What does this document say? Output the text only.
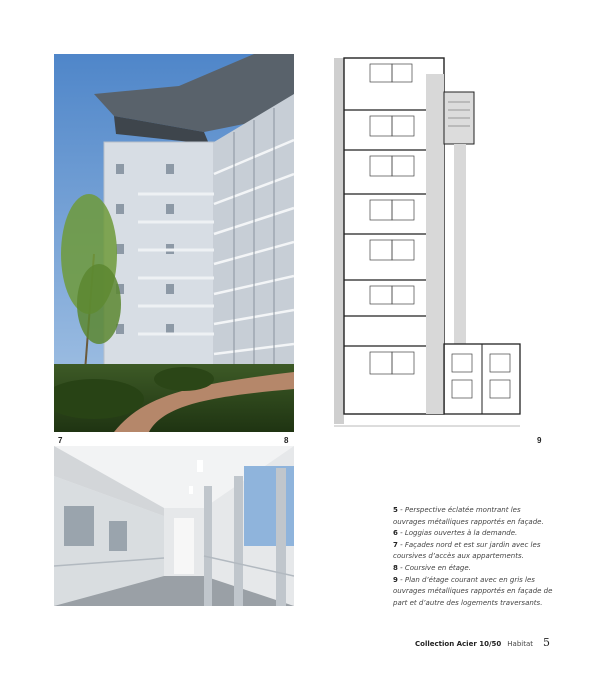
7	8	9

5 - Perspective éclatée montrant les ouvrages métalliques rapportés en façade.

6 - Loggias ouvertes à la demande.

7 - Façades nord et est sur jardin avec les coursives d’accès aux appartements.

8 - Coursive en étage.

9 - Plan d’étage courant avec en gris les ouvrages métalliques rapportés en façade de part et d’autre des logements traversants.

Collection Acier 10/50 Habitat 5
